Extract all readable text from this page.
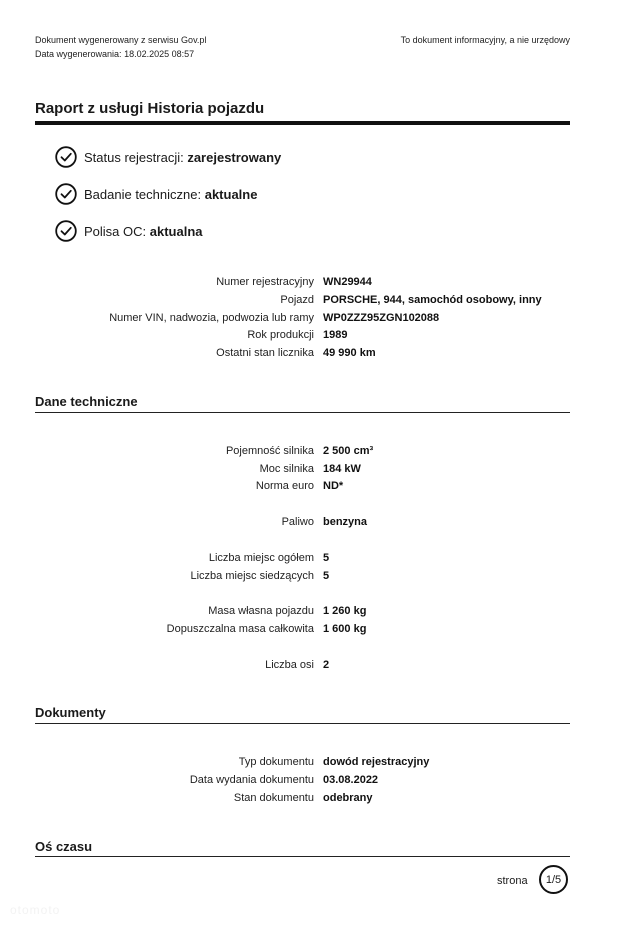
Dokument wygenerowany z serwisu Gov.pl
Data wygenerowania: 18.02.2025 08:57
To dokument informacyjny, a nie urzędowy
Raport z usługi Historia pojazdu
Status rejestracji:
zarejestrowany
Badanie techniczne:
aktualne
Polisa OC:
aktualna
Numer rejestracyjny WN29944
Pojazd PORSCHE, 944, samochód osobowy, inny
Numer VIN, nadwozia, podwozia lub ramy WP0ZZZ95ZGN102088
Rok produkcji 1989
Ostatni stan licznika 49 990 km
Dane techniczne
Pojemność silnika 2 500 cm³
Moc silnika 184 kW
Norma euro ND*
Paliwo benzyna
Liczba miejsc ogółem 5
Liczba miejsc siedzących 5
Masa własna pojazdu 1 260 kg
Dopuszczalna masa całkowita 1 600 kg
Liczba osi 2
Dokumenty
Typ dokumentu dowód rejestracyjny
Data wydania dokumentu 03.08.2022
Stan dokumentu odebrany
Oś czasu
strona 1/5
otomoto
